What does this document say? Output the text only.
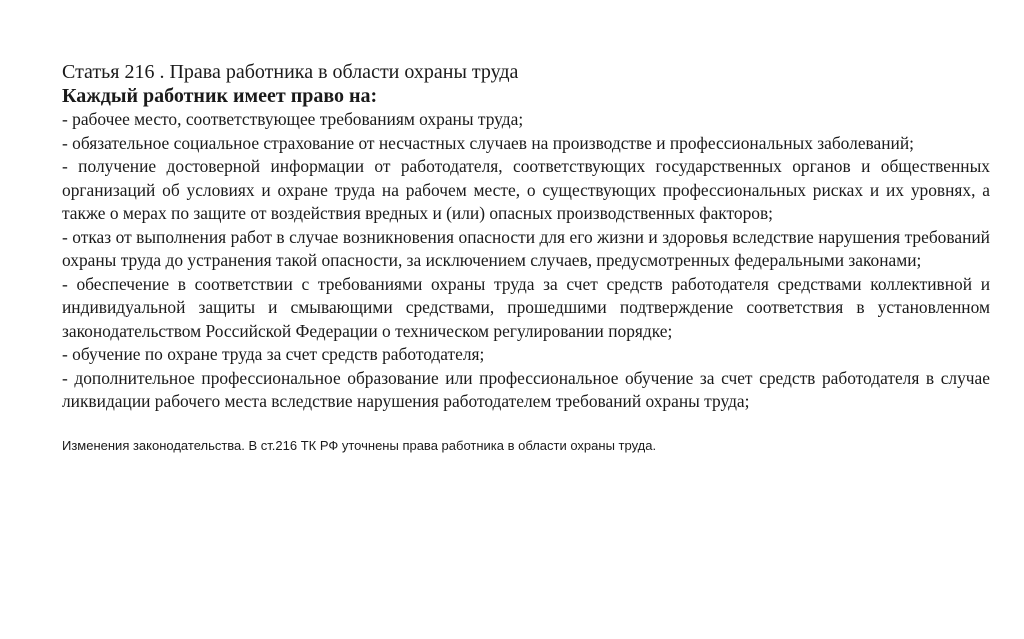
Статья 216 . Права работника в области охраны труда
Каждый работник имеет право на:
- рабочее место, соответствующее требованиям охраны труда;
- обязательное социальное страхование от несчастных случаев на производстве и профессиональных заболеваний;
- получение достоверной информации от работодателя, соответствующих государственных органов и общественных организаций об условиях и охране труда на рабочем месте, о существующих профессиональных рисках и их уровнях, а также о мерах по защите от воздействия вредных и (или) опасных производственных факторов;
- отказ от выполнения работ в случае возникновения опасности для его жизни и здоровья вследствие нарушения требований охраны труда до устранения такой опасности, за исключением случаев, предусмотренных федеральными законами;
- обеспечение в соответствии с требованиями охраны труда за счет средств работодателя средствами коллективной и индивидуальной защиты и смывающими средствами, прошедшими подтверждение соответствия в установленном законодательством Российской Федерации о техническом регулировании порядке;
- обучение по охране труда за счет средств работодателя;
- дополнительное профессиональное образование или профессиональное обучение за счет средств работодателя в случае ликвидации рабочего места вследствие нарушения работодателем требований охраны труда;
Изменения законодательства. В ст.216 ТК РФ уточнены права работника в области охраны труда.
